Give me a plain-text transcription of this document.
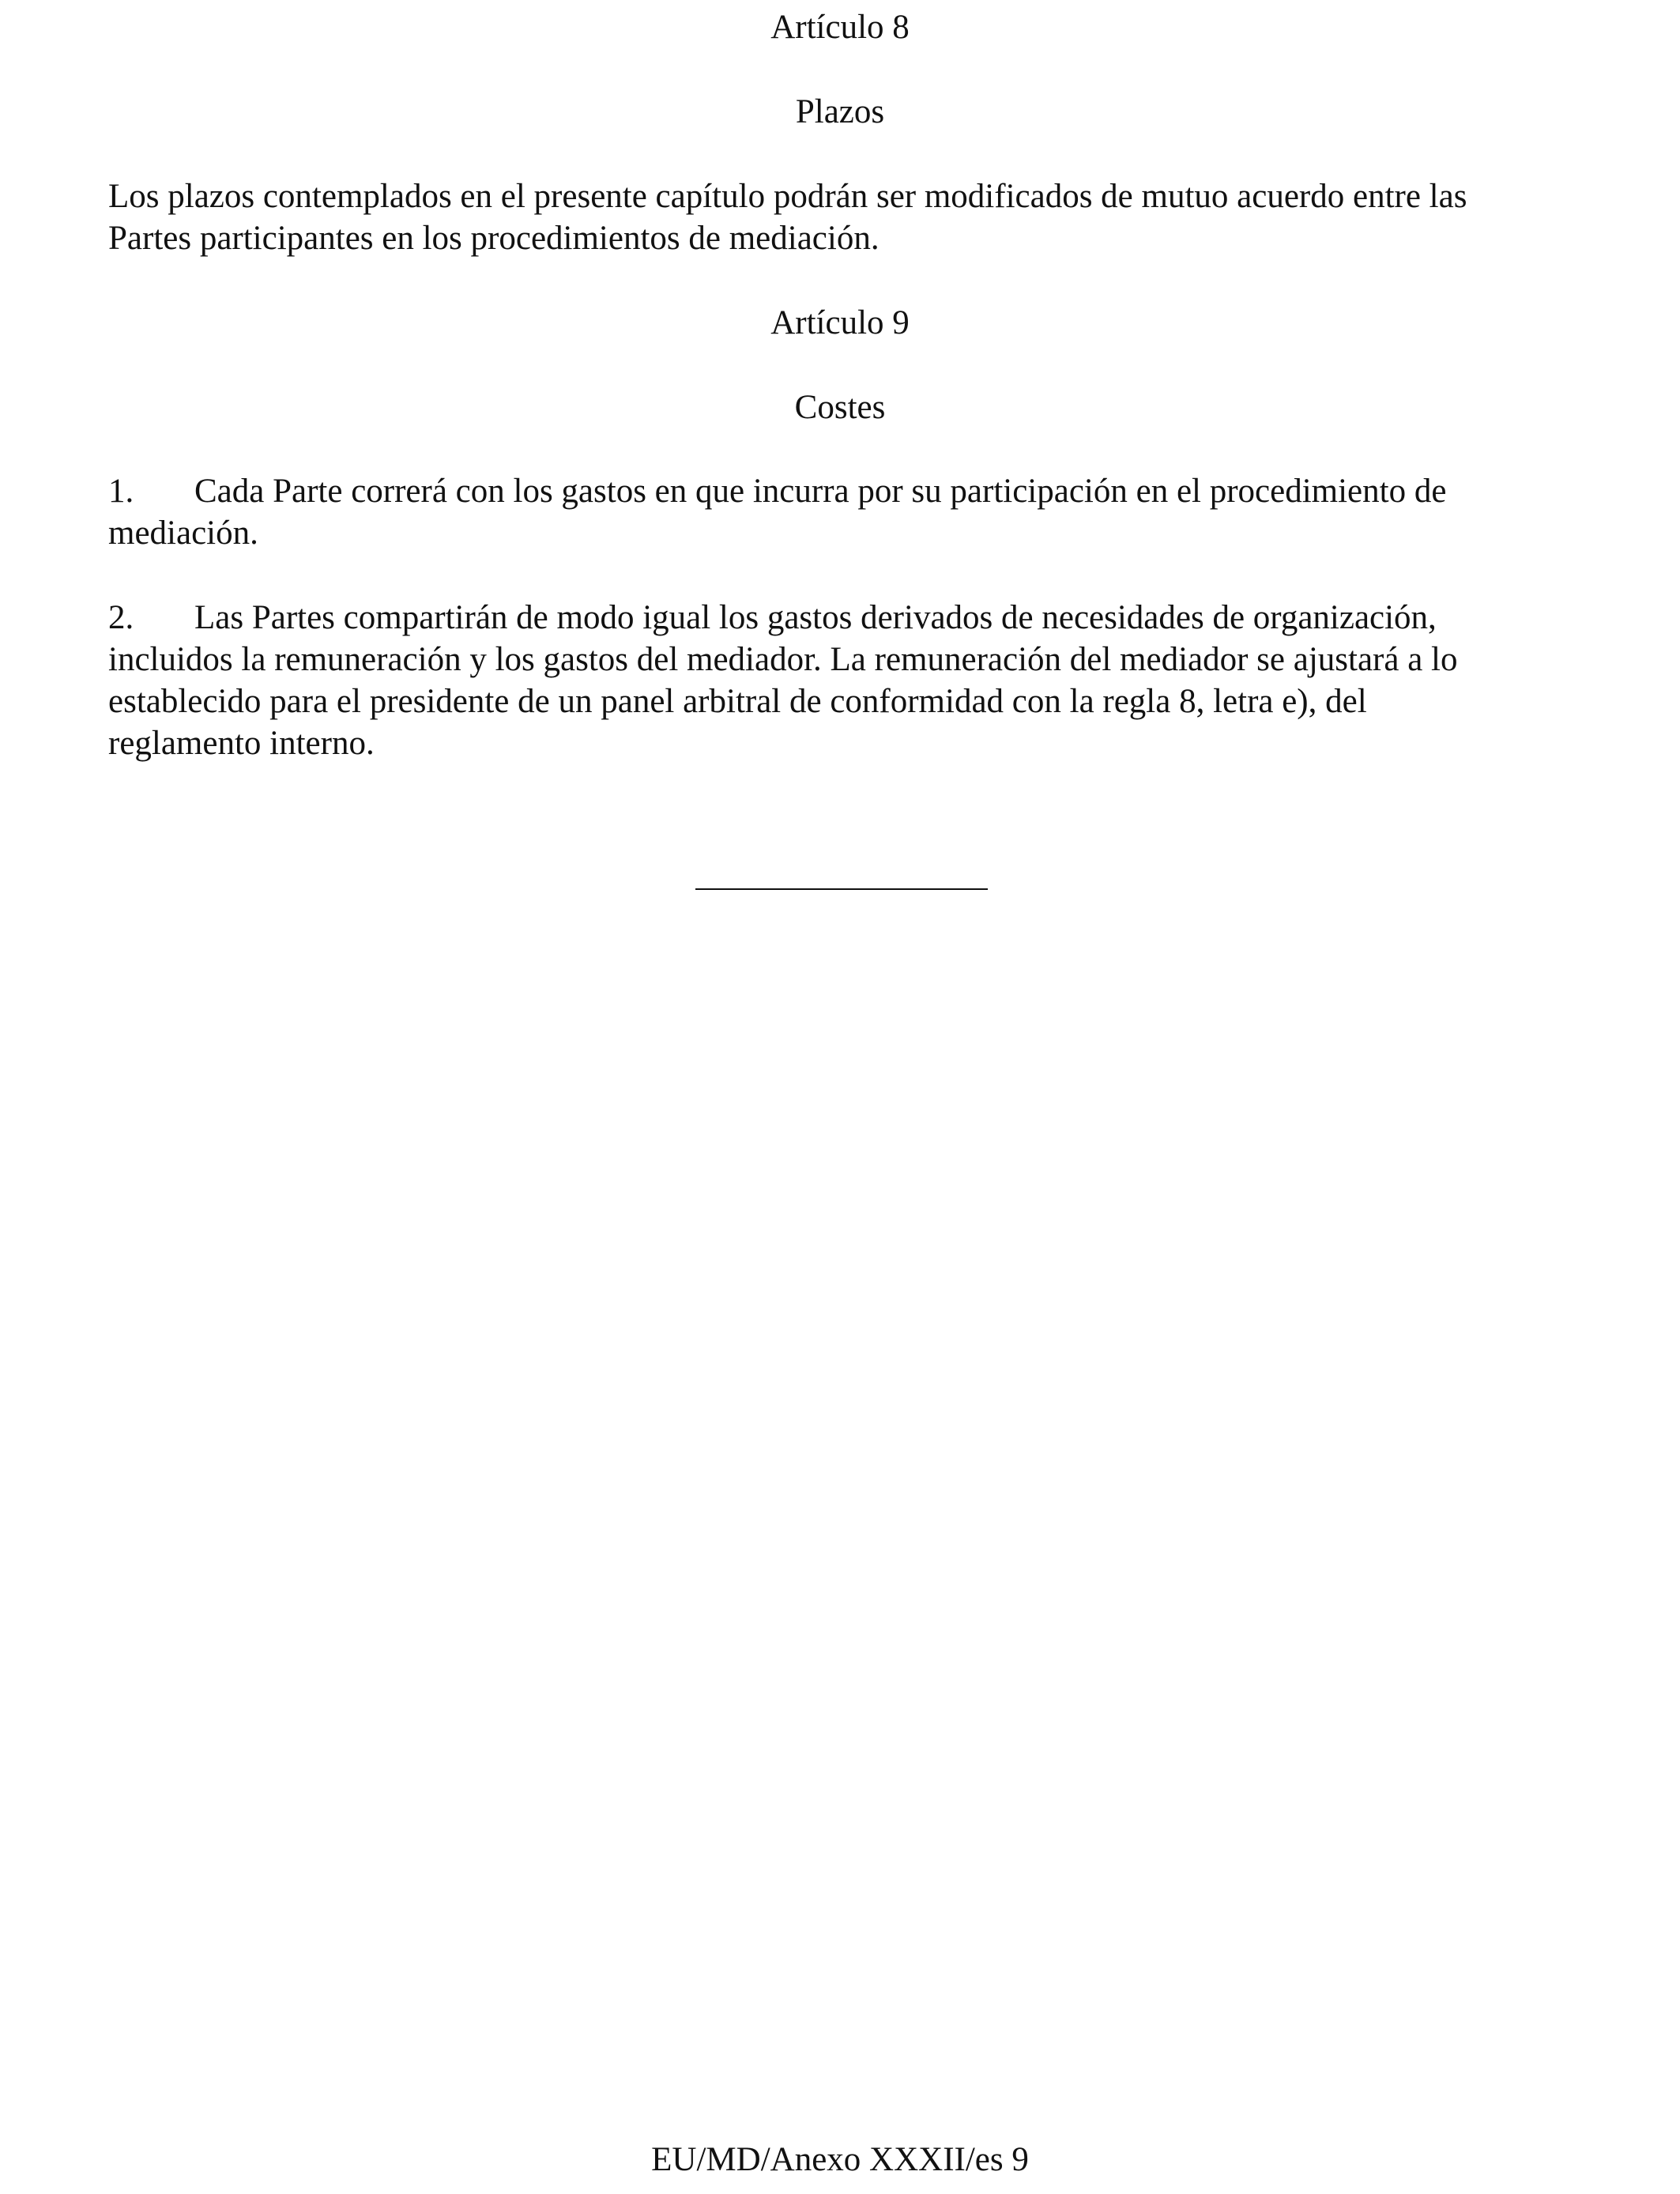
Artículo 8
Plazos
Los plazos contemplados en el presente capítulo podrán ser modificados de mutuo acuerdo entre las
Partes participantes en los procedimientos de mediación.
Artículo 9
Costes
1. Cada Parte correrá con los gastos en que incurra por su participación en el procedimiento de
mediación.
2. Las Partes compartirán de modo igual los gastos derivados de necesidades de organización,
incluidos la remuneración y los gastos del mediador. La remuneración del mediador se ajustará a lo
establecido para el presidente de un panel arbitral de conformidad con la regla 8, letra e), del
reglamento interno.
EU/MD/Anexo XXXII/es 9
